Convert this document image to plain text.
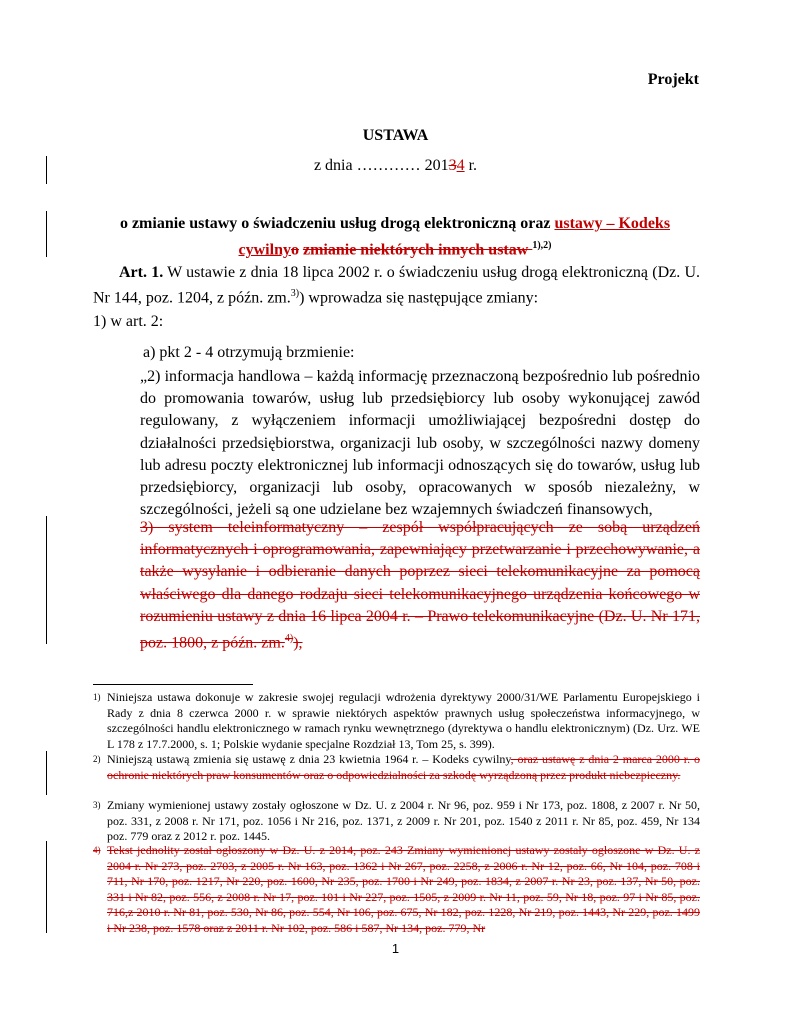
Projekt
USTAWA
z dnia ………… 20134 r.
o zmianie ustawy o świadczeniu usług drogą elektroniczną oraz ustawy – Kodeks cywilnyo zmianie niektórych innych ustaw $^{1),2)}$
Art. 1. W ustawie z dnia 18 lipca 2002 r. o świadczeniu usług drogą elektroniczną (Dz. U. Nr 144, poz. 1204, z późn. zm.$^{3)}$) wprowadza się następujące zmiany:
1) w art. 2:
a) pkt 2 - 4 otrzymują brzmienie:
„2) informacja handlowa – każdą informację przeznaczoną bezpośrednio lub pośrednio do promowania towarów, usług lub przedsiębiorcy lub osoby wykonującej zawód regulowany, z wyłączeniem informacji umożliwiającej bezpośredni dostęp do działalności przedsiębiorstwa, organizacji lub osoby, w szczególności nazwy domeny lub adresu poczty elektronicznej lub informacji odnoszących się do towarów, usług lub przedsiębiorcy, organizacji lub osoby, opracowanych w sposób niezależny, w szczególności, jeżeli są one udzielane bez wzajemnych świadczeń finansowych,
3) system teleinformatyczny – zespół współpracujących ze sobą urządzeń informatycznych i oprogramowania, zapewniający przetwarzanie i przechowywanie, a także wysyłanie i odbieranie danych poprzez sieci telekomunikacyjne za pomocą właściwego dla danego rodzaju sieci telekomunikacyjnego urządzenia końcowego w rozumieniu ustawy z dnia 16 lipca 2004 r. – Prawo telekomunikacyjne (Dz. U. Nr 171, poz. 1800, z późn. zm.$^{4)}$),
1) Niniejsza ustawa dokonuje w zakresie swojej regulacji wdrożenia dyrektywy 2000/31/WE Parlamentu Europejskiego i Rady z dnia 8 czerwca 2000 r. w sprawie niektórych aspektów prawnych usług społeczeństwa informacyjnego, w szczególności handlu elektronicznego w ramach rynku wewnętrznego (dyrektywa o handlu elektronicznym) (Dz. Urz. WE L 178 z 17.7.2000, s. 1; Polskie wydanie specjalne Rozdział 13, Tom 25, s. 399).
2) Niniejszą ustawą zmienia się ustawę z dnia 23 kwietnia 1964 r. – Kodeks cywilny, oraz ustawę z dnia 2 marca 2000 r. o ochronie niektórych praw konsumentów oraz o odpowiedzialności za szkodę wyrządzoną przez produkt niebezpieczny.
3) Zmiany wymienionej ustawy zostały ogłoszone w Dz. U. z 2004 r. Nr 96, poz. 959 i Nr 173, poz. 1808, z 2007 r. Nr 50, poz. 331, z 2008 r. Nr 171, poz. 1056 i Nr 216, poz. 1371, z 2009 r. Nr 201, poz. 1540 z 2011 r. Nr 85, poz. 459, Nr 134 poz. 779 oraz z 2012 r. poz. 1445.
4) Tekst jednolity został ogłoszony w Dz. U. z 2014, poz. 243 Zmiany wymienionej ustawy zostały ogłoszone w Dz. U. z 2004 r. Nr 273, poz. 2703, z 2005 r. Nr 163, poz. 1362 i Nr 267, poz. 2258, z 2006 r. Nr 12, poz. 66, Nr 104, poz. 708 i 711, Nr 170, poz. 1217, Nr 220, poz. 1600, Nr 235, poz. 1700 i Nr 249, poz. 1834, z 2007 r. Nr 23, poz. 137, Nr 50, poz. 331 i Nr 82, poz. 556, z 2008 r. Nr 17, poz. 101 i Nr 227, poz. 1505, z 2009 r. Nr 11, poz. 59, Nr 18, poz. 97 i Nr 85, poz. 716,z 2010 r. Nr 81, poz. 530, Nr 86, poz. 554, Nr 106, poz. 675, Nr 182, poz. 1228, Nr 219, poz. 1443, Nr 229, poz. 1499 i Nr 238, poz. 1578 oraz z 2011 r. Nr 102, poz. 586 i 587, Nr 134, poz. 779, Nr
1
